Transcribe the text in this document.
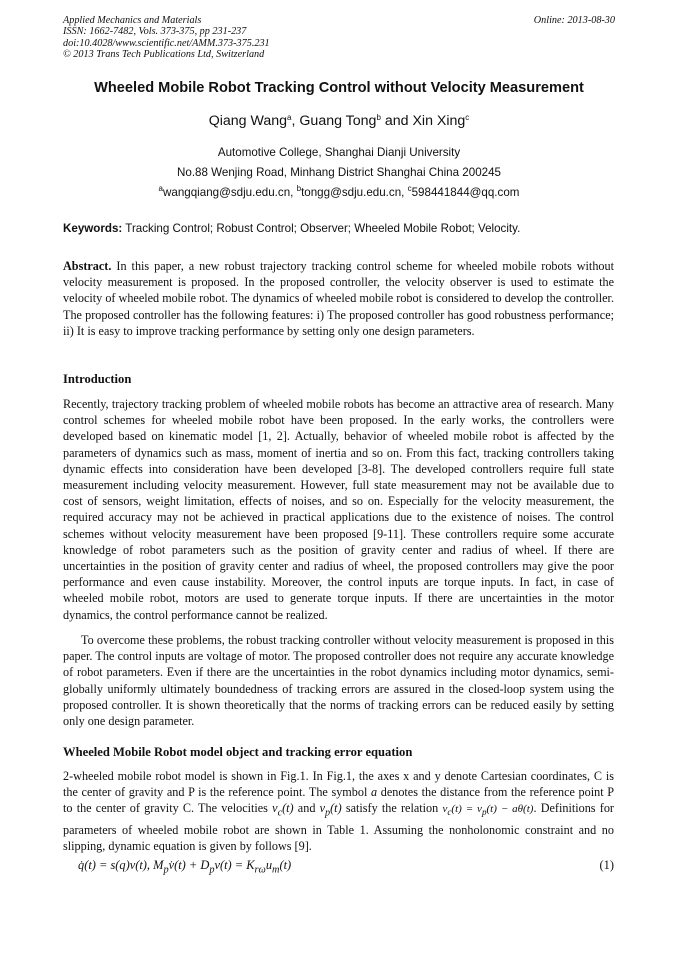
Applied Mechanics and Materials
ISSN: 1662-7482, Vols. 373-375, pp 231-237
doi:10.4028/www.scientific.net/AMM.373-375.231
© 2013 Trans Tech Publications Ltd, Switzerland
Online: 2013-08-30
Wheeled Mobile Robot Tracking Control without Velocity Measurement
Qiang Wang$^a$, Guang Tong$^b$ and Xin Xing$^c$
Automotive College, Shanghai Dianji University
No.88 Wenjing Road, Minhang District Shanghai China 200245
$^a$wangqiang@sdju.edu.cn, $^b$tongg@sdju.edu.cn, $^c$598441844@qq.com
Keywords: Tracking Control; Robust Control; Observer; Wheeled Mobile Robot; Velocity.
Abstract. In this paper, a new robust trajectory tracking control scheme for wheeled mobile robots without velocity measurement is proposed. In the proposed controller, the velocity observer is used to estimate the velocity of wheeled mobile robot. The dynamics of wheeled mobile robot is considered to develop the controller. The proposed controller has the following features: i) The proposed controller has good robustness performance; ii) It is easy to improve tracking performance by setting only one design parameters.
Introduction
Recently, trajectory tracking problem of wheeled mobile robots has become an attractive area of research. Many control schemes for wheeled mobile robot have been proposed. In the early works, the controllers were developed based on kinematic model [1, 2]. Actually, behavior of wheeled mobile robot is affected by the parameters of dynamics such as mass, moment of inertia and so on. From this fact, tracking controllers taking dynamic effects into consideration have been developed [3-8]. The developed controllers require full state measurement including velocity measurement. However, full state measurement may not be available due to cost of sensors, weight limitation, effects of noises, and so on. Especially for the velocity measurement, the required accuracy may not be achieved in practical applications due to the existence of noises. The control schemes without velocity measurement have been proposed [9-11]. These controllers require some accurate knowledge of robot parameters such as the position of gravity center and radius of wheel. If there are uncertainties in the position of gravity center and radius of wheel, the proposed controllers may give the poor performance and even cause instability. Moreover, the control inputs are torque inputs. In fact, in case of wheeled mobile robot, motors are used to generate torque inputs. If there are uncertainties in the motor dynamics, the control performance cannot be realized.
To overcome these problems, the robust tracking controller without velocity measurement is proposed in this paper. The control inputs are voltage of motor. The proposed controller does not require any accurate knowledge of robot parameters. Even if there are the uncertainties in the robot dynamics including motor dynamics, semi-globally uniformly ultimately boundedness of tracking errors are assured in the closed-loop system using the proposed controller. It is shown theoretically that the norms of tracking errors can be reduced easily by setting only one design parameter.
Wheeled Mobile Robot model object and tracking error equation
2-wheeled mobile robot model is shown in Fig.1. In Fig.1, the axes x and y denote Cartesian coordinates, C is the center of gravity and P is the reference point. The symbol a denotes the distance from the reference point P to the center of gravity C. The velocities $v_c(t)$ and $v_p(t)$ satisfy the relation $v_c(t) = v_p(t) - a\theta(t)$. Definitions for parameters of wheeled mobile robot are shown in Table 1. Assuming the nonholonomic constraint and no slipping, dynamic equation is given by follows [9].
q̇(t) = s(q)v(t), $M_pv̇(t) + D_pv(t) = K_{r\omega}u_m(t)$	(1)
